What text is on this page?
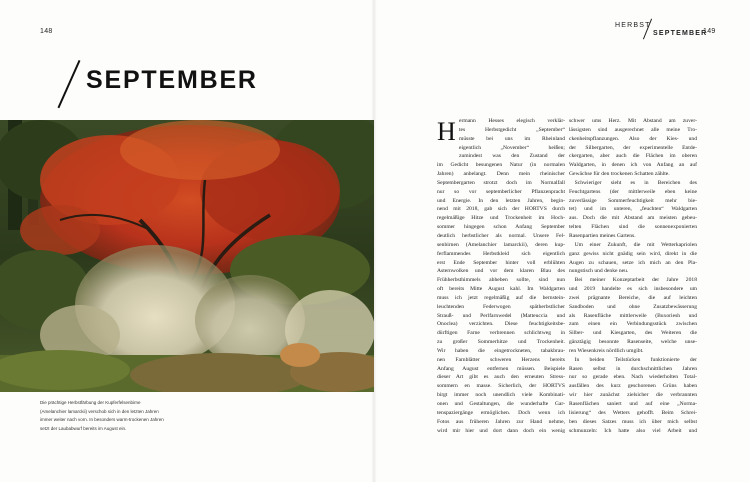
148	149
HERBST
SEPTEMBER
SEPTEMBER
Die prächtige Herbstfärbung der Kupferfelsenbirne
(Amelanchier lamarckii) verschob sich in den letzten Jahren
immer weiter nach vorn. In besonders warm-trockenen Jahren
setzt der Laubabwurf bereits im August ein.
H ermann Hesses elegisch verklär-
tes Herbstgedicht „September“
müsste bei uns im Rheinland
eigentlich „November“ heißen;
zumindest was den Zustand der
im Gedicht besungenen Natur (in normalen
Jahren) anbelangt. Denn mein rheinischer
Septembergarten strotzt doch im Normalfall
nur so vor septemberlicher Pflanzenpracht
und Energie. In den letzten Jahren, begin-
nend mit 2018, gab sich der HORTVS durch
regelmäßige Hitze und Trockenheit im Hoch-
sommer hingegen schon Anfang September
deutlich herbstlicher als normal. Unsere Fel-
senbirnen (Amelanchier lamarckii), deren kup-
ferflammendes Herbstkleid sich eigentlich
erst Ende September hinter voll erblühten
Asternwolken und vor dem klaren Blau des
Frühherbsthimmels abheben sollte, sind nun
oft bereits Mitte August kahl. Im Waldgarten
muss ich jetzt regelmäßig auf die bernstein-
leuchtenden Federwogen spätherbstlicher
Strauß- und Perlfarnwedel (Matteuccia und
Onoclea) verzichten. Diese feuchtigkeitsbe-
dürftigen Farne verbrennen schlichtweg in
zu großer Sommerhitze und Trockenheit.
Wir haben die eingetrockneten, tabakbrau-
nen Farnblätter schweren Herzens bereits
Anfang August entfernen müssen. Beispiele
dieser Art gibt es auch den erneuten Stress-
sommern en masse. Sicherlich, der HORTVS
birgt immer noch unendlich viele Kombinati-
onen und Gestaltungen, die wunderhafte Gar-
tenspaziergänge ermöglichen. Doch wenn ich
Fotos aus früheren Jahren zur Hand nehme,
wird mir hier und dort dann doch ein wenig
schwer ums Herz. Mit Abstand am zuver-
lässigsten sind ausgerechnet alle meine Tro-
ckenheitspflanzungen. Also der Kies- und
der Silbergarten, der experimentelle Entde-
ckergarten, aber auch die Flächen im oberen
Waldgarten, in denen ich von Anfang an auf
Gewächse für den trockenen Schatten zählte.
 Schwieriger sieht es in Bereichen des
Feuchtgartens (der mittlerweile eben keine
zuverlässige Sommerfeuchtigkeit mehr bie-
tet) und im unteren, „feuchten“ Waldgarten
aus. Doch die mit Abstand am meisten gebeu-
telten Flächen sind die sonnenexponierten
Rasenpartien meines Gartens.
 Um einer Zukunft, die mit Wetterkapriolen
ganz gewiss nicht gnädig sein wird, direkt in die
Augen zu schauen, setze ich mich an den Pla-
nungstisch und denke neu.
 Bei meiner Konzeptarbeit der Jahre 2018
und 2019 handelte es sich insbesondere um
zwei prägnante Bereiche, die auf leichten
Sandboden und ohne Zusatzbewässerung
als Rasenfläche mittlerweile (Buxoriesh und
zum einen ein Verbindungsstück zwischen
Silber- und Kiesgarten, des Weiteren die
gänztägig besonnte Rasenseite, welche unse-
ren Wiesenkreis nördlich umgibt.
 In beiden Teilstücken funktionierte der
Rasen selbst in durchschnittlichen Jahren
nur so gerade eben. Nach wiederholten Total-
ausfällen des kurz geschorenen Grüns haben
wir hier zunächst zielsicher die verbrannten
Rasenflächen saniert und auf eine „Norma-
lisierung“ des Wetters gehofft. Beim Schrei-
ben dieses Satzes muss ich über mich selbst
schmunzeln: Ich hatte also viel Arbeit und
